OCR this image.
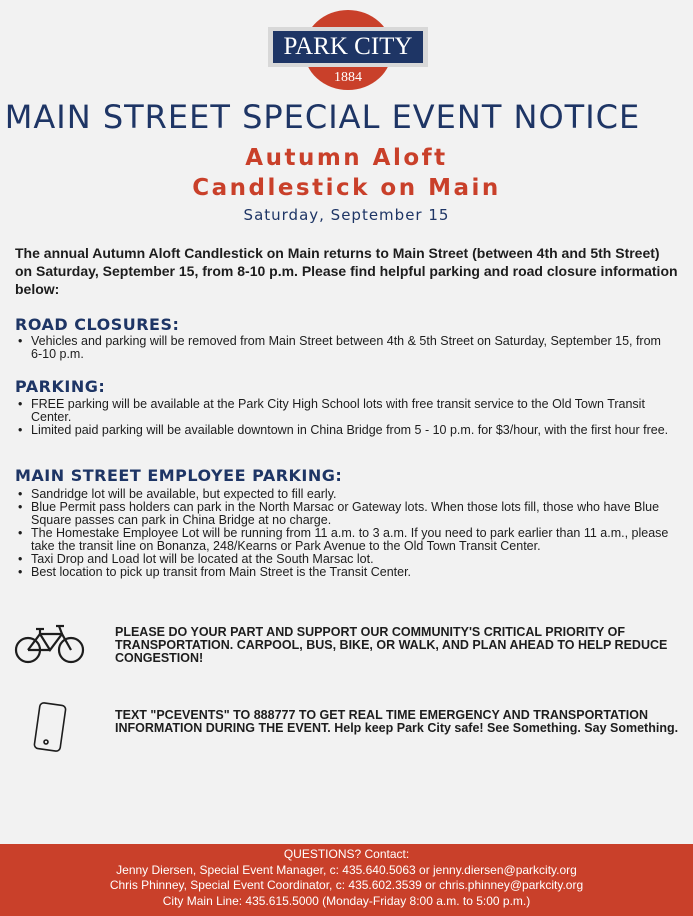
PARK CITY
1884
MAIN STREET SPECIAL EVENT NOTICE
Autumn Aloft
Candlestick on Main
Saturday, September 15
The annual Autumn Aloft Candlestick on Main returns to Main Street (between 4th and 5th Street) on Saturday, September 15, from 8-10 p.m. Please find helpful parking and road closure information below:
ROAD CLOSURES:
• Vehicles and parking will be removed from Main Street between 4th & 5th Street on Saturday, September 15, from 6-10 p.m.
PARKING:
• FREE parking will be available at the Park City High School lots with free transit service to the Old Town Transit Center.
• Limited paid parking will be available downtown in China Bridge from 5 - 10 p.m. for $3/hour, with the first hour free.
MAIN STREET EMPLOYEE PARKING:
• Sandridge lot will be available, but expected to fill early.
• Blue Permit pass holders can park in the North Marsac or Gateway lots. When those lots fill, those who have Blue Square passes can park in China Bridge at no charge.
• The Homestake Employee Lot will be running from 11 a.m. to 3 a.m. If you need to park earlier than 11 a.m., please take the transit line on Bonanza, 248/Kearns or Park Avenue to the Old Town Transit Center.
• Taxi Drop and Load lot will be located at the South Marsac lot.
• Best location to pick up transit from Main Street is the Transit Center.
PLEASE DO YOUR PART AND SUPPORT OUR COMMUNITY'S CRITICAL PRIORITY OF TRANSPORTATION. CARPOOL, BUS, BIKE, OR WALK, AND PLAN AHEAD TO HELP REDUCE CONGESTION!
TEXT "PCEVENTS" TO 888777 TO GET REAL TIME EMERGENCY AND TRANSPORTATION INFORMATION DURING THE EVENT. Help keep Park City safe! See Something. Say Something.
QUESTIONS? Contact:
Jenny Diersen, Special Event Manager, c: 435.640.5063 or jenny.diersen@parkcity.org
Chris Phinney, Special Event Coordinator, c: 435.602.3539 or chris.phinney@parkcity.org
City Main Line: 435.615.5000 (Monday-Friday 8:00 a.m. to 5:00 p.m.)
